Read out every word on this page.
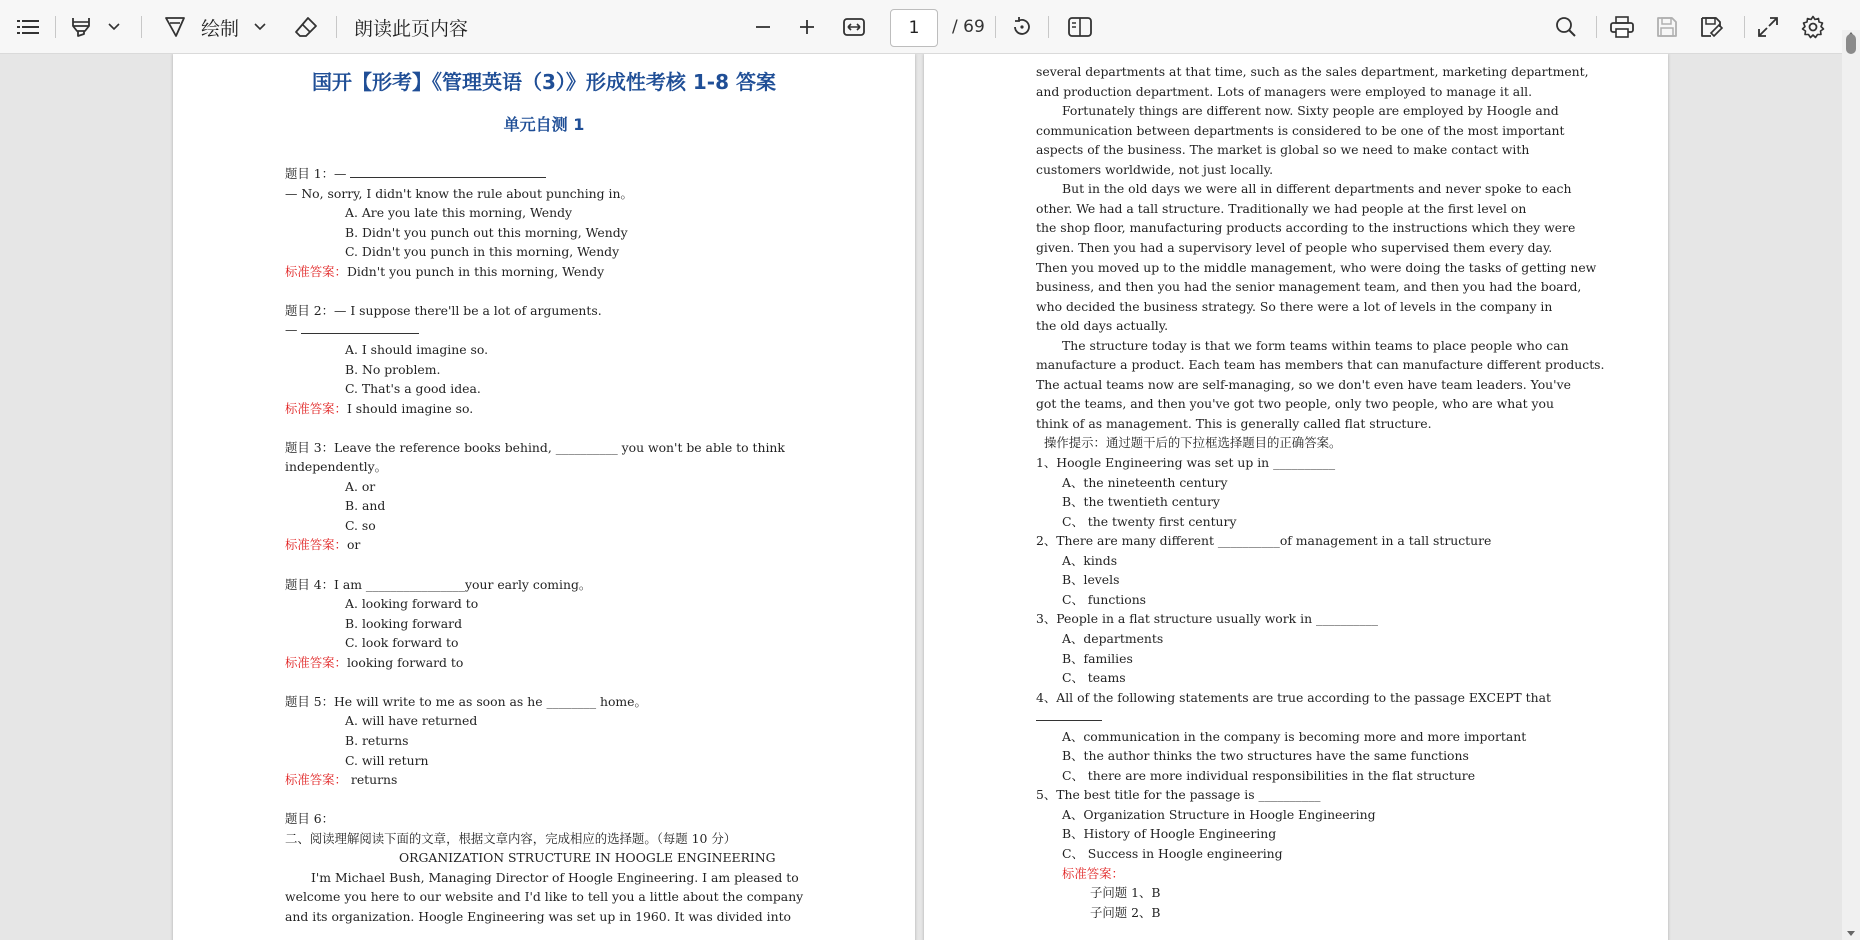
绘制	朗读此页内容	1	/ 69
国开【形考】《管理英语（3）》形成性考核 1-8 答案
单元自测 1
题目 1：—
— No, sorry, I didn't know the rule about punching in。
A. Are you late this morning, Wendy
B. Didn't you punch out this morning, Wendy
C. Didn't you punch in this morning, Wendy
标准答案：Didn't you punch in this morning, Wendy
题目 2：— I suppose there'll be a lot of arguments.
—
A. I should imagine so.
B. No problem.
C. That's a good idea.
标准答案：I should imagine so.
题目 3：Leave the reference books behind, __________ you won't be able to think
independently。
A. or
B. and
C. so
标准答案：or
题目 4：I am ________________your early coming。
A. looking forward to
B. looking forward
C. look forward to
标准答案：looking forward to
题目 5：He will write to me as soon as he ________ home。
A. will have returned
B. returns
C. will return
标准答案： returns
题目 6：
二、阅读理解阅读下面的文章，根据文章内容，完成相应的选择题。（每题 10 分）
ORGANIZATION STRUCTURE IN HOOGLE ENGINEERING
I'm Michael Bush, Managing Director of Hoogle Engineering. I am pleased to
welcome you here to our website and I'd like to tell you a little about the company
and its organization. Hoogle Engineering was set up in 1960. It was divided into
several departments at that time, such as the sales department, marketing department,
and production department. Lots of managers were employed to manage it all.
Fortunately things are different now. Sixty people are employed by Hoogle and
communication between departments is considered to be one of the most important
aspects of the business. The market is global so we need to make contact with
customers worldwide, not just locally.
But in the old days we were all in different departments and never spoke to each
other. We had a tall structure. Traditionally we had people at the first level on
the shop floor, manufacturing products according to the instructions which they were
given. Then you had a supervisory level of people who supervised them every day.
Then you moved up to the middle management, who were doing the tasks of getting new
business, and then you had the senior management team, and then you had the board,
who decided the business strategy. So there were a lot of levels in the company in
the old days actually.
The structure today is that we form teams within teams to place people who can
manufacture a product. Each team has members that can manufacture different products.
The actual teams now are self-managing, so we don't even have team leaders. You've
got the teams, and then you've got two people, only two people, who are what you
think of as management. This is generally called flat structure.
操作提示：通过题干后的下拉框选择题目的正确答案。
1、Hoogle Engineering was set up in __________
A、the nineteenth century
B、the twentieth century
C、 the twenty first century
2、There are many different __________of management in a tall structure
A、kinds
B、levels
C、 functions
3、People in a flat structure usually work in __________
A、departments
B、families
C、 teams
4、All of the following statements are true according to the passage EXCEPT that
A、communication in the company is becoming more and more important
B、the author thinks the two structures have the same functions
C、 there are more individual responsibilities in the flat structure
5、The best title for the passage is __________
A、Organization Structure in Hoogle Engineering
B、History of Hoogle Engineering
C、 Success in Hoogle engineering
标准答案：
子问题 1、B
子问题 2、B
